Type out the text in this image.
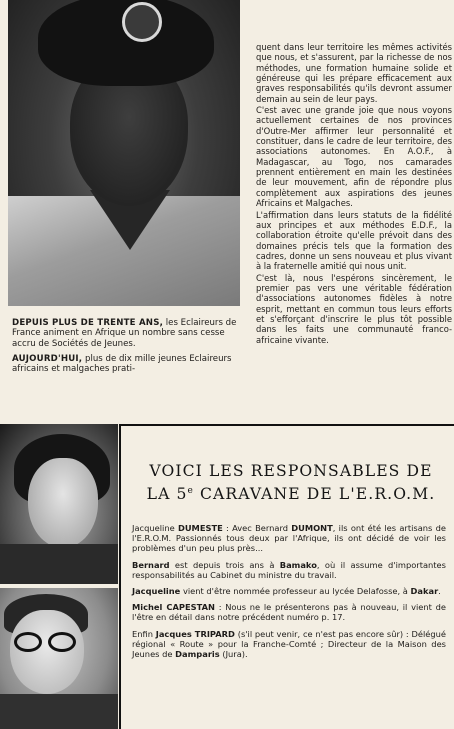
quent dans leur territoire les mêmes activités que nous, et s'assurent, par la richesse de nos méthodes, une formation humaine solide et généreuse qui les prépare efficacement aux graves responsabilités qu'ils devront assumer demain au sein de leur pays.

C'est avec une grande joie que nous voyons actuellement certaines de nos provinces d'Outre-Mer affirmer leur personnalité et constituer, dans le cadre de leur territoire, des associations autonomes. En A.O.F., à Madagascar, au Togo, nos camarades prennent entièrement en main les destinées de leur mouvement, afin de répondre plus complètement aux aspirations des jeunes Africains et Malgaches.

L'affirmation dans leurs statuts de la fidélité aux principes et aux méthodes E.D.F., la collaboration étroite qu'elle prévoit dans des domaines précis tels que la formation des cadres, donne un sens nouveau et plus vivant à la fraternelle amitié qui nous unit.

C'est là, nous l'espérons sincèrement, le premier pas vers une véritable fédération d'associations autonomes fidèles à notre esprit, mettant en commun tous leurs efforts et s'efforçant d'inscrire le plus tôt possible dans les faits une communauté franco-africaine vivante.

DEPUIS PLUS DE TRENTE ANS, les Eclaireurs de France animent en Afrique un nombre sans cesse accru de Sociétés de Jeunes.

AUJOURD'HUI, plus de dix mille jeunes Eclaireurs africains et malgaches prati-

VOICI LES RESPONSABLES DE
LA 5e CARAVANE DE L'E.R.O.M.

Jacqueline DUMESTE : Avec Bernard DUMONT, ils ont été les artisans de l'E.R.O.M. Passionnés tous deux par l'Afrique, ils ont décidé de voir les problèmes d'un peu plus près...

Bernard est depuis trois ans à Bamako, où il assume d'importantes responsabilités au Cabinet du ministre du travail.

Jacqueline vient d'être nommée professeur au lycée Delafosse, à Dakar.

Michel CAPESTAN : Nous ne le présenterons pas à nouveau, il vient de l'être en détail dans notre précédent numéro p. 17.

Enfin Jacques TRIPARD (s'il peut venir, ce n'est pas encore sûr) : Délégué régional « Route » pour la Franche-Comté ; Directeur de la Maison des Jeunes de Damparis (Jura).
